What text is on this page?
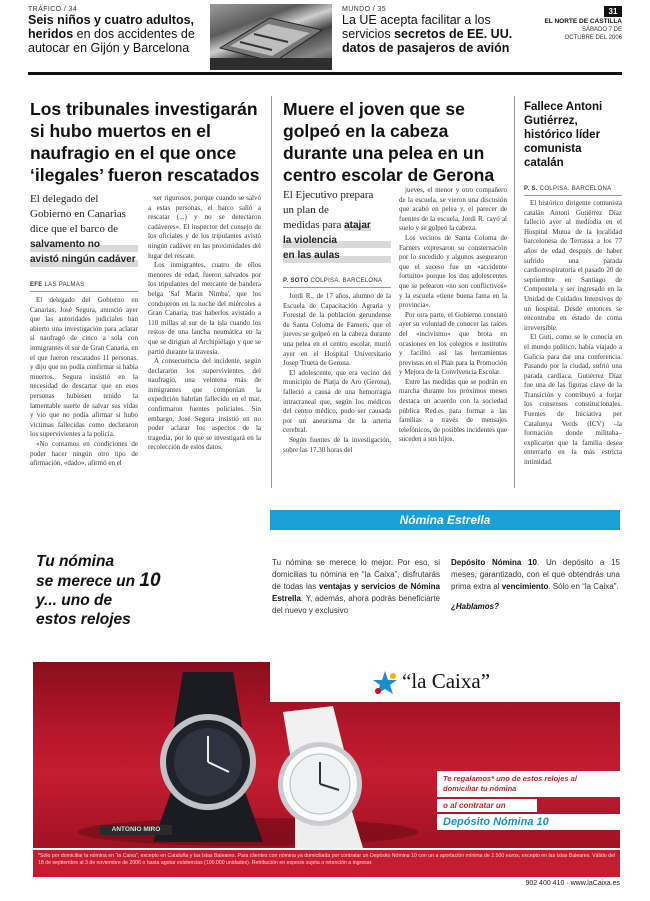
TRÁFICO / 34
Seis niños y cuatro adultos,
heridos en dos accidentes de
autocar en Gijón y Barcelona
MUNDO / 35
La UE acepta facilitar a los
servicios secretos de EE. UU.
datos de pasajeros de avión
31
EL NORTE DE CASTILLA
SÁBADO 7 DE
OCTUBRE DEL 2006
Los tribunales investigarán si hubo muertos en el naufragio en el que once ‘ilegales’ fueron rescatados
El delegado del
Gobierno en Canarias
dice que el barco de
salvamento no
avistó ningún cadáver
EFE LAS PALMAS

El delegado del Gobierno en Canarias, José Segura, anunció ayer que las autoridades judiciales han abierto una investigación para aclarar si naufragó de cinco a sola con inmigrantes el sur de Gran Canaria, en el que fueron rescatados 11 personas, y dijo que no podía confirmar si había muertos. Segura insistió en la necesidad de descartar que en esos personas hubiesen tenido la lamentable suerte de salvar sus vidas y vio que no podía afirmar si hubo víctimas fallecidas como declararon los supervivientes a la policía.

«No contamos en condiciones de poder hacer ningún otro tipo de afirmación, «dado», afirmó en el

ser rigurosos, porque cuando se salvó a estas personas, el barco salió a rescatar (...) y no se detectaron cadáveres». El inspector del consejo de los oficiales y de los tripulantes avistó ningún cadáver en las proximidades del lugar del rescate.

Los inmigrantes, cuatro de ellos menores de edad, fueron salvados por los tripulantes del mercante de bandera belga 'Saf Marin Nimba', que los condujeron en la noche del miércoles a Gran Canaria, tras haberlos avistado a 110 millas al sur de la isla cuando los restos de una lancha neumática en la que se dirigían al Archipiélago y que se partió durante la travesía.

A consecuencia del incidente, según declararon los supervivientes del naufragio, una veintena más de inmigrantes que componían la expedición habrían fallecido en el mar, confirmaron fuentes policiales. Sin embargo, José Segura insistió en no poder aclarar los aspectos de la tragedia, por lo que se investigará en la recolección de estos datos.

Muere el joven que se golpeó en la cabeza durante una pelea en un centro escolar de Gerona
El Ejecutivo prepara
un plan de
medidas para atajar
la violencia
en las aulas
P. SOTO COLPISA. BARCELONA

Jordi R., de 17 años, alumno de la Escuela de Capacitación Agraria y Forestal de la población gerundense de Santa Coloma de Farners, que el jueves se golpeó en la cabeza durante una pelea en el centro escolar, murió ayer en el Hospital Universitario Josep Trueta de Gerona.

El adolescente, que era vecino del municipio de Platja de Aro (Gerona), falleció a causa de una hemorragia intracraneal que, según los médicos del centro médico, pudo ser causada por un aneurisma de la arteria cerebral.

Según fuentes de la investigación, sobre las 17.30 horas del

jueves, el menor y otro compañero de la escuela, se vieron una discusión que acabó en pelea y, el parecer de fuentes de la escuela, Jordi R. cayó al suelo y se golpeó la cabeza.

Los vecinos de Santa Coloma de Farners expresaron su consternación por lo sucedido y algunos aseguraron que el suceso fue un «accidente fortuito» porque los dos adolescentes que se pelearon «no son conflictivos» y la escuela «tiene buena fama en la provincia».

Por otra parte, el Gobierno constató ayer su voluntad de conocer las raíces del «incivismo» que brota en ocasiones en los colegios e institutos y facilitó así las herramientas previstas en el Plan para la Promoción y Mejora de la Convivencia Escolar.

Entre las medidas que se podrán en marcha durante los próximos meses destaca un acuerdo con la sociedad pública Red.es para formar a las familias a través de mensajes telefónicos, de posibles incidentes que suceden a sus hijos.

Fallece Antoni
Gutiérrez,
histórico líder
comunista
catalán
P. S. COLPISA. BARCELONA

El histórico dirigente comunista catalán Antoni Gutiérrez Díaz falleció ayer al mediodía en el Hospital Mutua de la localidad barcelonesa de Terrassa a los 77 años de edad después de haber sufrido una parada cardiorrespiratoria el pasado 20 de septiembre en Santiago de Compostela y ser ingresado en la Unidad de Cuidados Intensivos de un hospital. Desde entonces se encontraba en estado de coma irreversible.

El Guti, como se le conocía en el mundo político, había viajado a Galicia para dar una conferencia. Pasando por la ciudad, sufrió una parada cardíaca. Gutiérrez Díaz fue una de las figuras clave de la Transición y contribuyó a forjar los consensos constitucionales. Fuentes de Iniciativa per Catalunya Verds (ICV) –la formación donde militaba– explicaron que la familia desea enterrarlo en la más estricta intimidad.

Nómina Estrella
Tu nómina
se merece un 10
y... uno de
estos relojes
Tu nómina se merece lo mejor. Por eso, si domicilias tu nómina en “la Caixa”, disfrutarás de todas las ventajas y servicios de Nómina Estrella. Y, además, ahora podrás beneficiarte del nuevo y exclusivo
Depósito Nómina 10. Un depósito a 15 meses, garantizado, con el que obtendrás una prima extra al vencimiento. Sólo en “la Caixa”.
¿Hablamos?
ANTONIO MIRO
“la Caixa”
Te regalamos* uno de estos relojes al domiciliar tu nómina
o al contratar un
Depósito Nómina 10
*Sólo por domiciliar la nómina en “la Caixa”, excepto en Cataluña y las Islas Baleares. Para clientes con nómina ya domiciliada por contratar un Depósito Nómina 10 con un a aportación mínima de 2.500 euros, excepto en las Islas Baleares. Válido del 18 de septiembre al 3 de noviembre de 2006 o hasta agotar existencias (100.000 unidades). Retribución en especie sujeta a retención a ingresar.
902 400 410 · www.laCaixa.es
